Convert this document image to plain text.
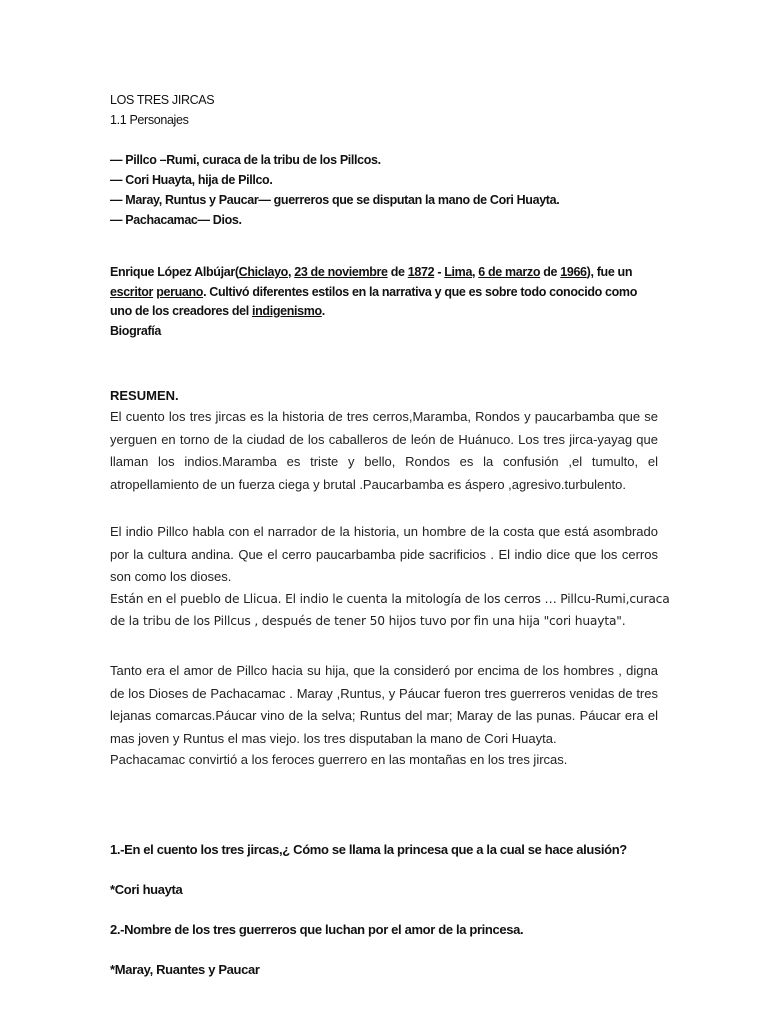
LOS TRES JIRCAS
1.1 Personajes
— Pillco –Rumi, curaca de la tribu de los Pillcos.
— Cori Huayta, hija de Pillco.
— Maray, Runtus y Paucar— guerreros que se disputan la mano de Cori Huayta.
— Pachacamac— Dios.
Enrique López Albújar(Chiclayo, 23 de noviembre de 1872 - Lima, 6 de marzo de 1966), fue un
escritor peruano. Cultivó diferentes estilos en la narrativa y que es sobre todo conocido como
uno de los creadores del indigenismo.
Biografía
RESUMEN.
El cuento los tres jircas es la historia de tres cerros,Maramba, Rondos y paucarbamba que se yerguen en torno de la ciudad de los caballeros de león de Huánuco. Los tres jirca-yayag que llaman los indios.Maramba es triste y bello, Rondos es la confusión ,el tumulto, el atropellamiento de un fuerza ciega y brutal .Paucarbamba es áspero ,agresivo.turbulento.
El indio Pillco habla con el narrador de la historia, un hombre de la costa que está asombrado por la cultura andina. Que el cerro paucarbamba pide sacrificios . El indio dice que los cerros son como los dioses.
Están en el pueblo de Llicua. El indio le cuenta la mitología de los cerros … Pillcu-Rumi,curaca
de la tribu de los Pillcus , después de tener 50 hijos tuvo por fin una hija "cori huayta".
Tanto era el amor de Pillco hacia su hija, que la consideró por encima de los hombres , digna de los Dioses de Pachacamac . Maray ,Runtus, y Páucar fueron tres guerreros venidas de tres lejanas comarcas.Páucar vino de la selva; Runtus del mar; Maray de las punas. Páucar era el mas joven y Runtus el mas viejo. los tres disputaban la mano de Cori Huayta.
Pachacamac convirtió a los feroces guerrero en las montañas en los tres jircas.
1.-En el cuento los tres jircas,¿ Cómo se llama la princesa que a la cual se hace alusión?
*Cori huayta
2.-Nombre de los tres guerreros que luchan por el amor de la princesa.
*Maray, Ruantes y Paucar
